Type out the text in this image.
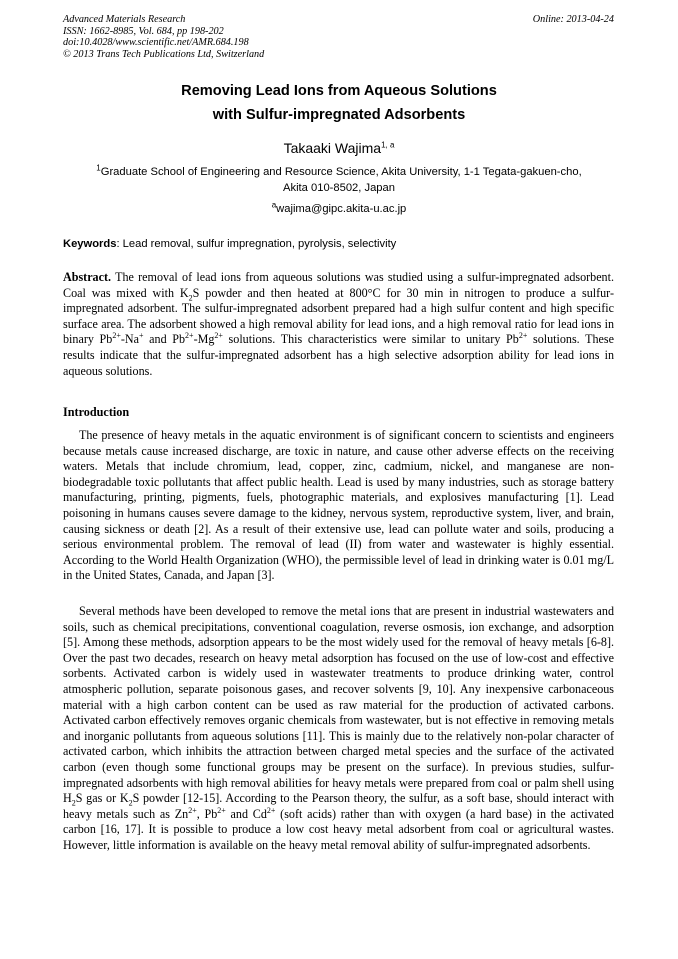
Advanced Materials Research
ISSN: 1662-8985, Vol. 684, pp 198-202
doi:10.4028/www.scientific.net/AMR.684.198
© 2013 Trans Tech Publications Ltd, Switzerland
Online: 2013-04-24
Removing Lead Ions from Aqueous Solutions
with Sulfur-impregnated Adsorbents
Takaaki Wajima$^{1, a}$
$^1$Graduate School of Engineering and Resource Science, Akita University, 1-1 Tegata-gakuen-cho,
Akita 010-8502, Japan
$^a$wajima@gipc.akita-u.ac.jp
Keywords: Lead removal, sulfur impregnation, pyrolysis, selectivity
Abstract. The removal of lead ions from aqueous solutions was studied using a sulfur-impregnated adsorbent. Coal was mixed with $K_2S$ powder and then heated at 800°C for 30 min in nitrogen to produce a sulfur-impregnated adsorbent. The sulfur-impregnated adsorbent prepared had a high sulfur content and high specific surface area. The adsorbent showed a high removal ability for lead ions, and a high removal ratio for lead ions in binary $Pb^{2+}-Na^+$ and $Pb^{2+}-Mg^{2+}$ solutions. This characteristics were similar to unitary $Pb^{2+}$ solutions. These results indicate that the sulfur-impregnated adsorbent has a high selective adsorption ability for lead ions in aqueous solutions.
Introduction

The presence of heavy metals in the aquatic environment is of significant concern to scientists and engineers because metals cause increased discharge, are toxic in nature, and cause other adverse effects on the receiving waters. Metals that include chromium, lead, copper, zinc, cadmium, nickel, and manganese are non-biodegradable toxic pollutants that affect public health. Lead is used by many industries, such as storage battery manufacturing, printing, pigments, fuels, photographic materials, and explosives manufacturing [1]. Lead poisoning in humans causes severe damage to the kidney, nervous system, reproductive system, liver, and brain, causing sickness or death [2]. As a result of their extensive use, lead can pollute water and soils, producing a serious environmental problem. The removal of lead (II) from water and wastewater is highly essential. According to the World Health Organization (WHO), the permissible level of lead in drinking water is 0.01 mg/L in the United States, Canada, and Japan [3].

Several methods have been developed to remove the metal ions that are present in industrial wastewaters and soils, such as chemical precipitations, conventional coagulation, reverse osmosis, ion exchange, and adsorption [5]. Among these methods, adsorption appears to be the most widely used for the removal of heavy metals [6-8]. Over the past two decades, research on heavy metal adsorption has focused on the use of low-cost and effective sorbents. Activated carbon is widely used in wastewater treatments to produce drinking water, control atmospheric pollution, separate poisonous gases, and recover solvents [9, 10]. Any inexpensive carbonaceous material with a high carbon content can be used as raw material for the production of activated carbons. Activated carbon effectively removes organic chemicals from wastewater, but is not effective in removing metals and inorganic pollutants from aqueous solutions [11]. This is mainly due to the relatively non-polar character of activated carbon, which inhibits the attraction between charged metal species and the surface of the activated carbon (even though some functional groups may be present on the surface). In previous studies, sulfur-impregnated adsorbents with high removal abilities for heavy metals were prepared from coal or palm shell using $H_2S$ gas or $K_2S$ powder [12-15]. According to the Pearson theory, the sulfur, as a soft base, should interact with heavy metals such as $Zn^{2+}$, $Pb^{2+}$ and $Cd^{2+}$ (soft acids) rather than with oxygen (a hard base) in the activated carbon [16, 17]. It is possible to produce a low cost heavy metal adsorbent from coal or agricultural wastes. However, little information is available on the heavy metal removal ability of sulfur-impregnated adsorbents.
